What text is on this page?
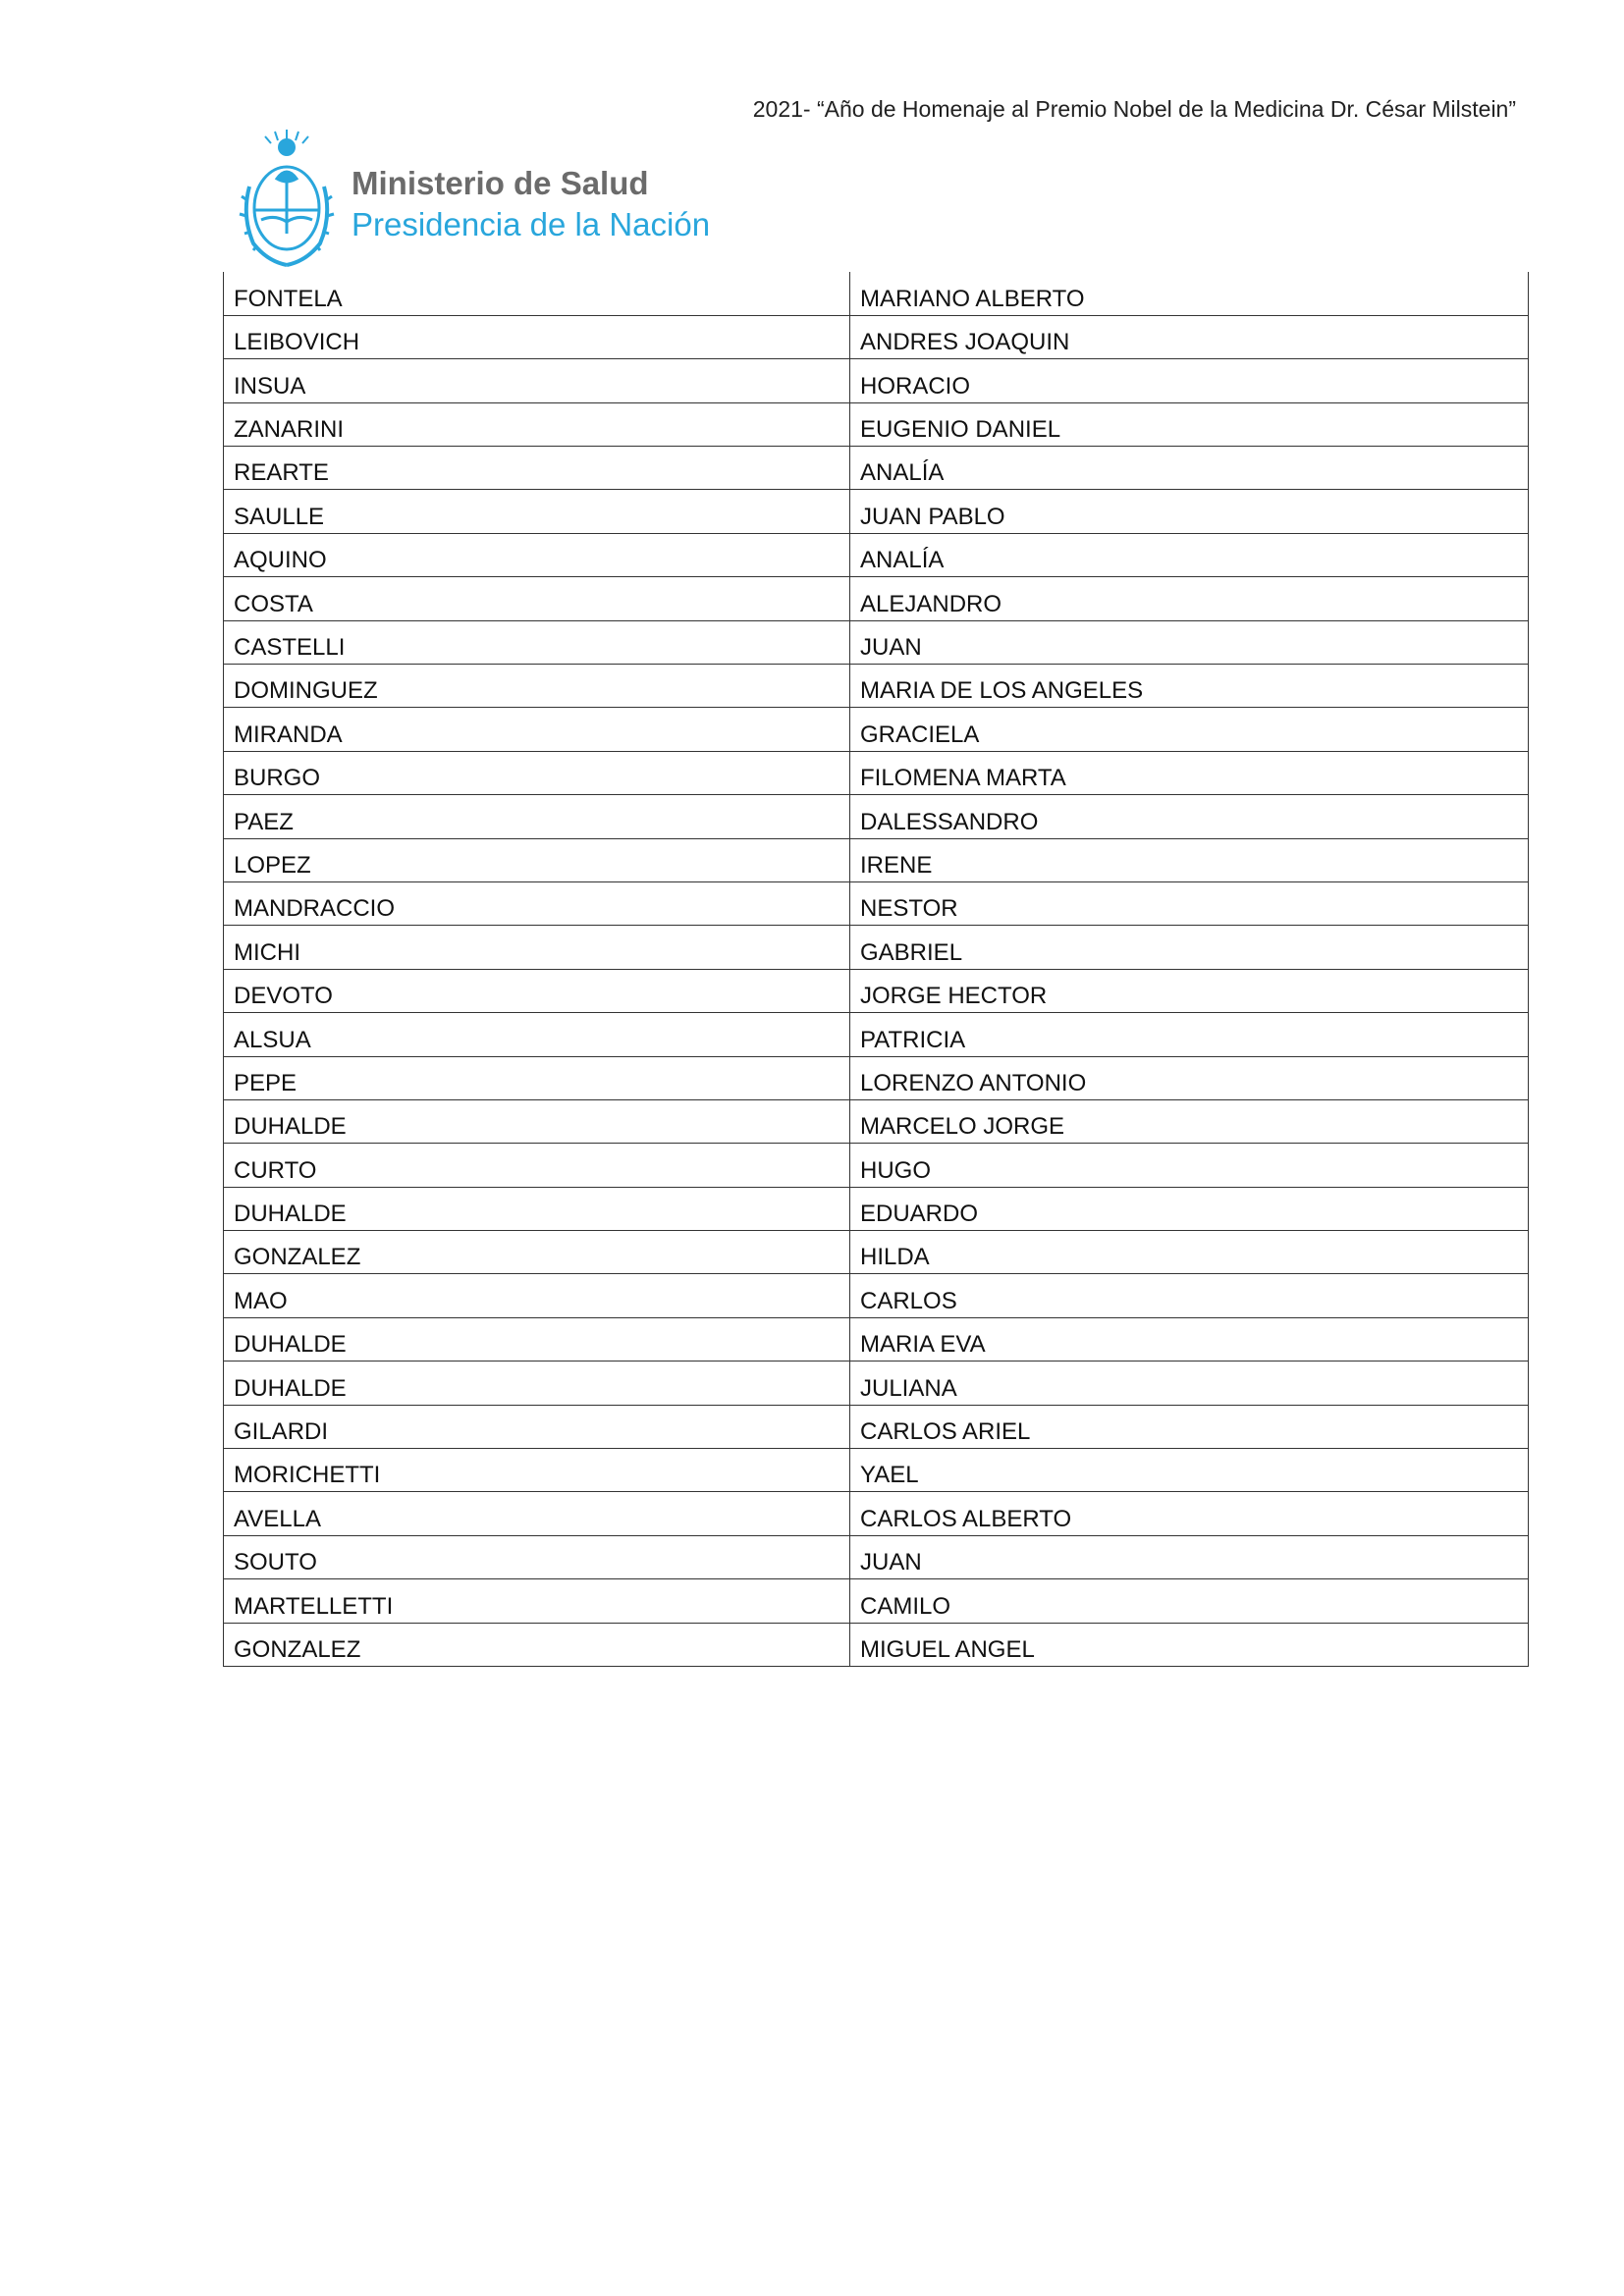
2021- “Año de Homenaje al Premio Nobel de la Medicina Dr. César Milstein”
Ministerio de Salud
Presidencia de la Nación
FONTELA	MARIANO ALBERTO
LEIBOVICH	ANDRES JOAQUIN
INSUA	HORACIO
ZANARINI	EUGENIO DANIEL
REARTE	ANALÍA
SAULLE	JUAN PABLO
AQUINO	ANALÍA
COSTA	ALEJANDRO
CASTELLI	JUAN
DOMINGUEZ	MARIA DE LOS ANGELES
MIRANDA	GRACIELA
BURGO	FILOMENA MARTA
PAEZ	DALESSANDRO
LOPEZ	IRENE
MANDRACCIO	NESTOR
MICHI	GABRIEL
DEVOTO	JORGE HECTOR
ALSUA	PATRICIA
PEPE	LORENZO ANTONIO
DUHALDE	MARCELO JORGE
CURTO	HUGO
DUHALDE	EDUARDO
GONZALEZ	HILDA
MAO	CARLOS
DUHALDE	MARIA EVA
DUHALDE	JULIANA
GILARDI	CARLOS ARIEL
MORICHETTI	YAEL
AVELLA	CARLOS ALBERTO
SOUTO	JUAN
MARTELLETTI	CAMILO
GONZALEZ	MIGUEL ANGEL
